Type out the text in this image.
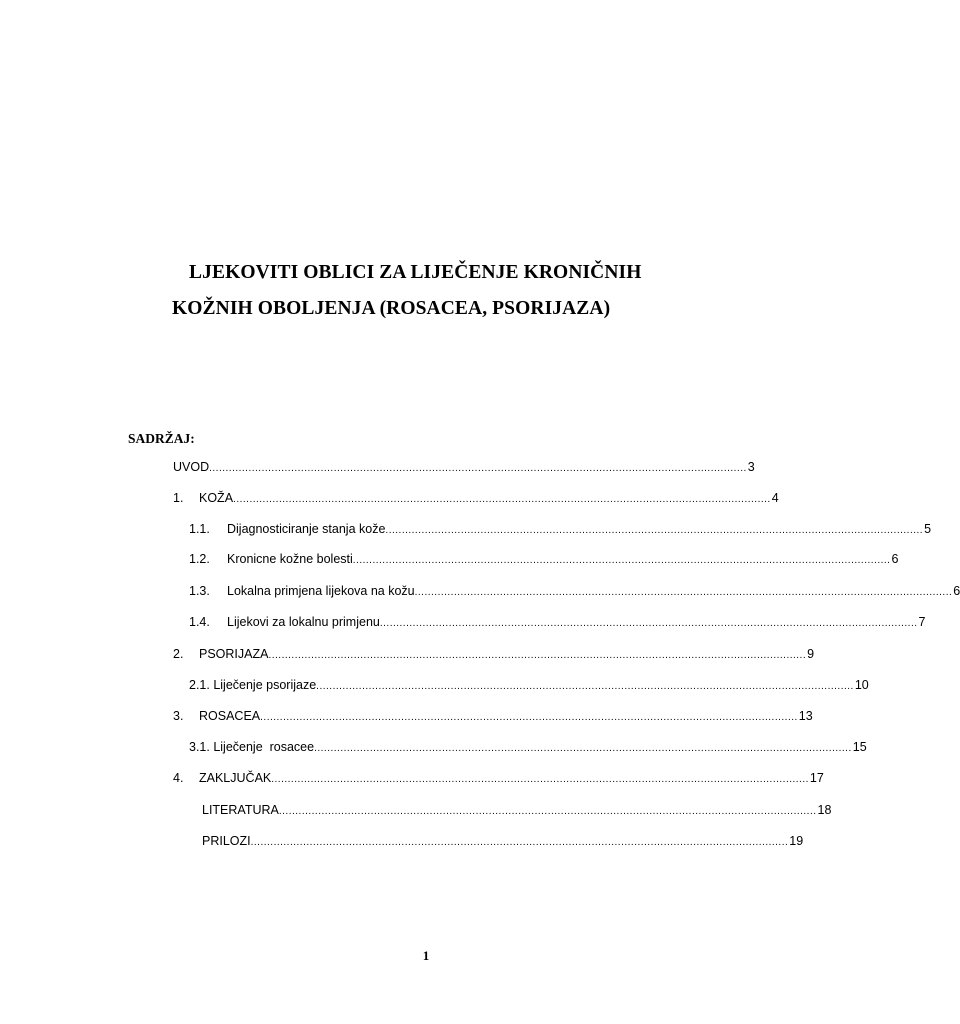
LJEKOVITI OBLICI ZA LIJEČENJE KRONIČNIH
KOŽNIH OBOLJENJA (ROSACEA, PSORIJAZA)
SADRŽAJ:
UVOD .................................................................................................................................................................... 3
1.	KOŽA .................................................................................................................................................................... 4
1.1.	Dijagnosticiranje stanja kože .................................................................................................................................................................... 5
1.2.	Kronicne kožne bolesti .................................................................................................................................................................... 6
1.3.	Lokalna primjena lijekova na kožu .................................................................................................................................................................... 6
1.4.	Lijekovi za lokalnu primjenu .................................................................................................................................................................... 7
2.	PSORIJAZA .................................................................................................................................................................... 9
2.1. Liječenje psorijaze .................................................................................................................................................................... 10
3.	ROSACEA .................................................................................................................................................................... 13
3.1. Liječenje  rosacee .................................................................................................................................................................... 15
4.	ZAKLJUČAK .................................................................................................................................................................... 17
LITERATURA .................................................................................................................................................................... 18
PRILOZI .................................................................................................................................................................... 19
1
